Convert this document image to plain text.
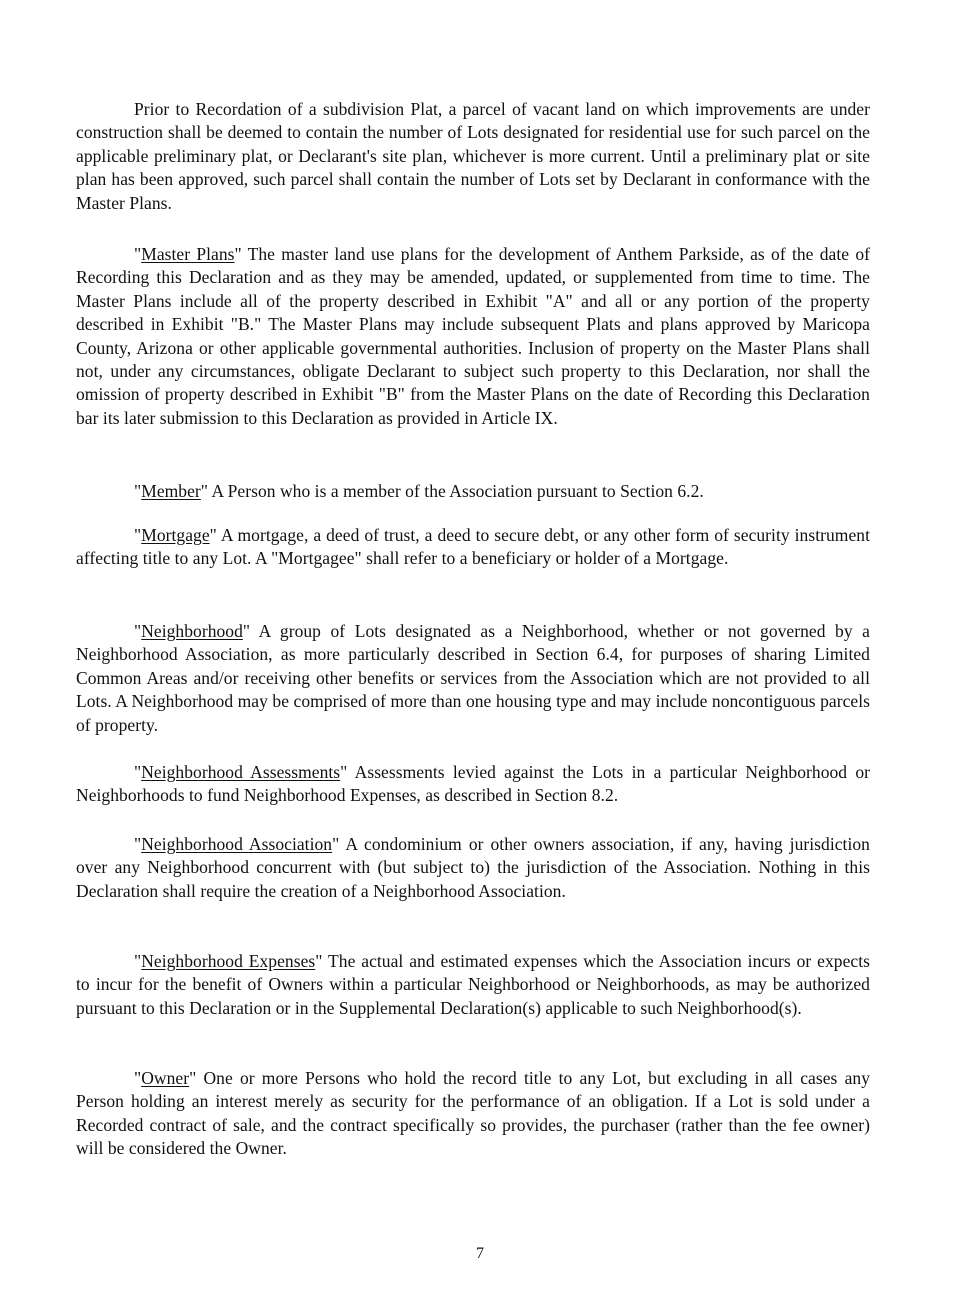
Prior to Recordation of a subdivision Plat, a parcel of vacant land on which improvements are under construction shall be deemed to contain the number of Lots designated for residential use for such parcel on the applicable preliminary plat, or Declarant's site plan, whichever is more current. Until a preliminary plat or site plan has been approved, such parcel shall contain the number of Lots set by Declarant in conformance with the Master Plans.

"Master Plans" The master land use plans for the development of Anthem Parkside, as of the date of Recording this Declaration and as they may be amended, updated, or supplemented from time to time. The Master Plans include all of the property described in Exhibit "A" and all or any portion of the property described in Exhibit "B." The Master Plans may include subsequent Plats and plans approved by Maricopa County, Arizona or other applicable governmental authorities. Inclusion of property on the Master Plans shall not, under any circumstances, obligate Declarant to subject such property to this Declaration, nor shall the omission of property described in Exhibit "B" from the Master Plans on the date of Recording this Declaration bar its later submission to this Declaration as provided in Article IX.

"Member" A Person who is a member of the Association pursuant to Section 6.2.

"Mortgage" A mortgage, a deed of trust, a deed to secure debt, or any other form of security instrument affecting title to any Lot. A "Mortgagee" shall refer to a beneficiary or holder of a Mortgage.

"Neighborhood" A group of Lots designated as a Neighborhood, whether or not governed by a Neighborhood Association, as more particularly described in Section 6.4, for purposes of sharing Limited Common Areas and/or receiving other benefits or services from the Association which are not provided to all Lots. A Neighborhood may be comprised of more than one housing type and may include noncontiguous parcels of property.

"Neighborhood Assessments" Assessments levied against the Lots in a particular Neighborhood or Neighborhoods to fund Neighborhood Expenses, as described in Section 8.2.

"Neighborhood Association" A condominium or other owners association, if any, having jurisdiction over any Neighborhood concurrent with (but subject to) the jurisdiction of the Association. Nothing in this Declaration shall require the creation of a Neighborhood Association.

"Neighborhood Expenses" The actual and estimated expenses which the Association incurs or expects to incur for the benefit of Owners within a particular Neighborhood or Neighborhoods, as may be authorized pursuant to this Declaration or in the Supplemental Declaration(s) applicable to such Neighborhood(s).

"Owner" One or more Persons who hold the record title to any Lot, but excluding in all cases any Person holding an interest merely as security for the performance of an obligation. If a Lot is sold under a Recorded contract of sale, and the contract specifically so provides, the purchaser (rather than the fee owner) will be considered the Owner.

7
